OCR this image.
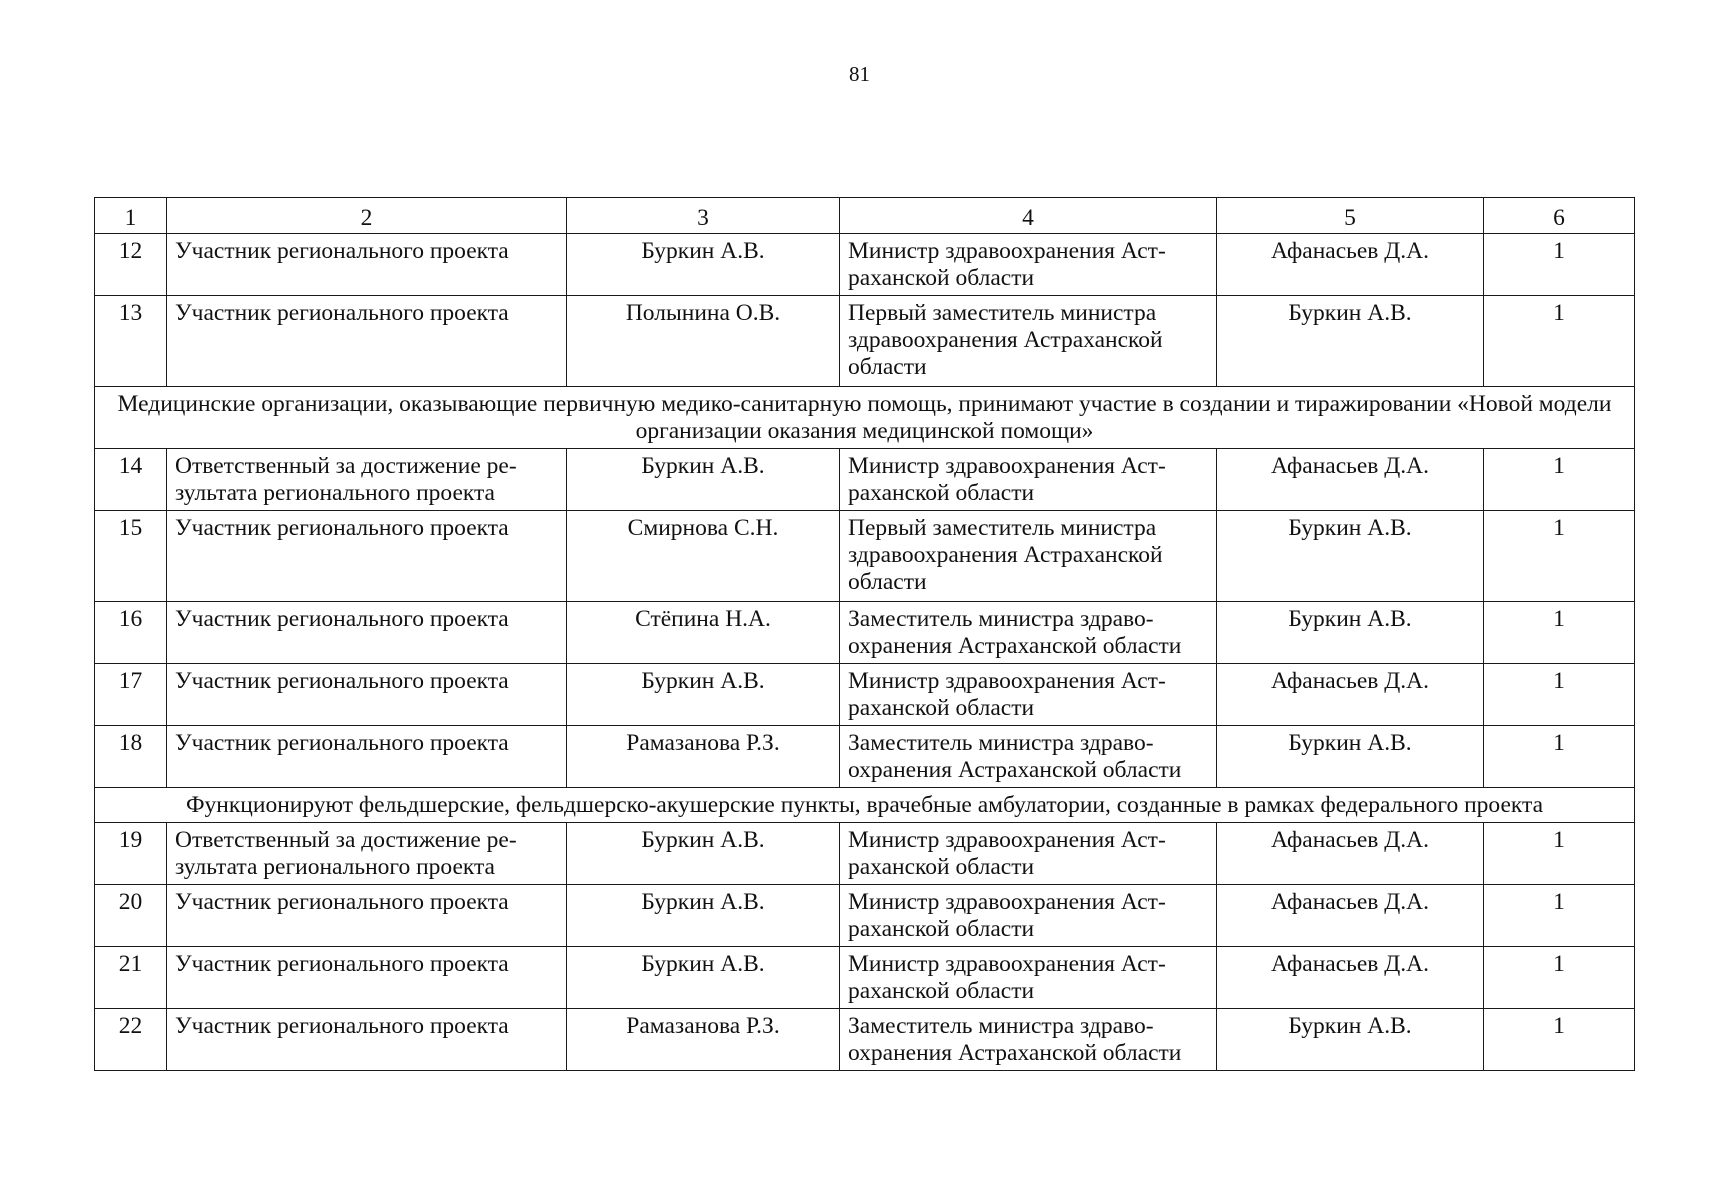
81
1	2	3	4	5	6
12	Участник регионального проекта	Буркин А.В.	Министр здравоохранения Аст-раханской области	Афанасьев Д.А.	1
13	Участник регионального проекта	Полынина О.В.	Первый заместитель министра здравоохранения Астраханской области	Буркин А.В.	1
Медицинские организации, оказывающие первичную медико-санитарную помощь, принимают участие в создании и тиражировании «Новой модели организации оказания медицинской помощи»					
14	Ответственный за достижение ре-зультата регионального проекта	Буркин А.В.	Министр здравоохранения Аст-раханской области	Афанасьев Д.А.	1
15	Участник регионального проекта	Смирнова С.Н.	Первый заместитель министра здравоохранения Астраханской области	Буркин А.В.	1
16	Участник регионального проекта	Стёпина Н.А.	Заместитель министра здраво-охранения Астраханской области	Буркин А.В.	1
17	Участник регионального проекта	Буркин А.В.	Министр здравоохранения Аст-раханской области	Афанасьев Д.А.	1
18	Участник регионального проекта	Рамазанова Р.З.	Заместитель министра здраво-охранения Астраханской области	Буркин А.В.	1
Функционируют фельдшерские, фельдшерско-акушерские пункты, врачебные амбулатории, созданные в рамках федерального проекта					
19	Ответственный за достижение ре-зультата регионального проекта	Буркин А.В.	Министр здравоохранения Аст-раханской области	Афанасьев Д.А.	1
20	Участник регионального проекта	Буркин А.В.	Министр здравоохранения Аст-раханской области	Афанасьев Д.А.	1
21	Участник регионального проекта	Буркин А.В.	Министр здравоохранения Аст-раханской области	Афанасьев Д.А.	1
22	Участник регионального проекта	Рамазанова Р.З.	Заместитель министра здраво-охранения Астраханской области	Буркин А.В.	1
